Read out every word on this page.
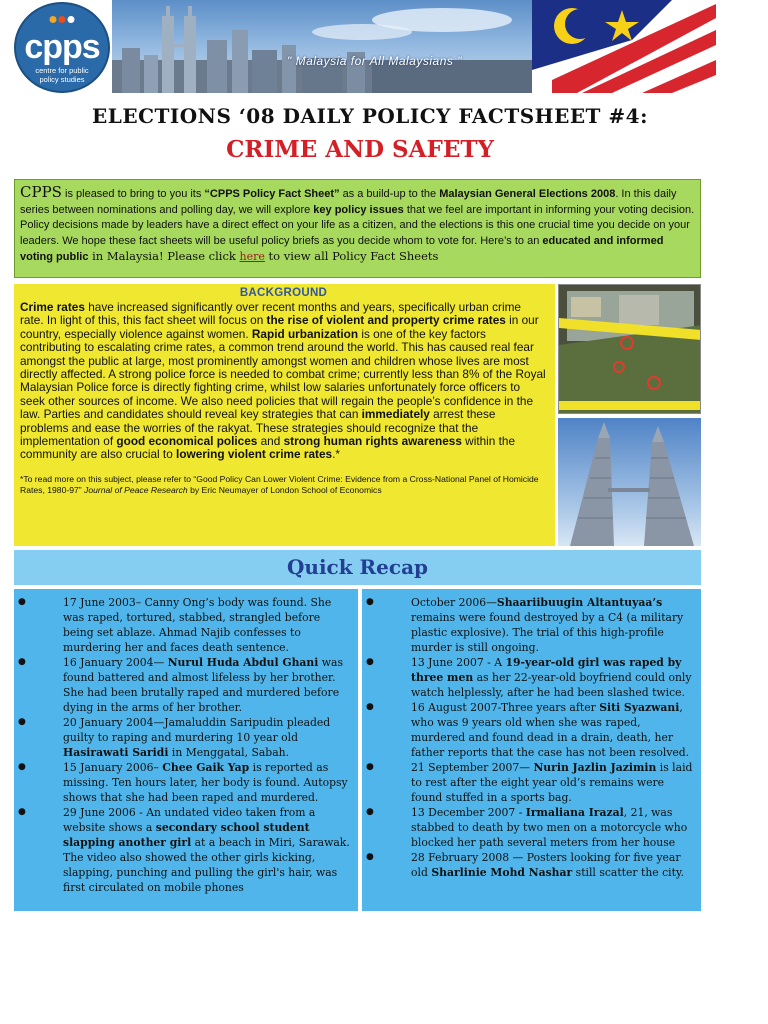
cpps
centre for public
policy studies
" Malaysia for All Malaysians "
ELECTIONS ‘08 DAILY POLICY FACTSHEET #4:
CRIME AND SAFETY
CPPS is pleased to bring to you its “CPPS Policy Fact Sheet” as a build-up to the Malaysian General Elections 2008. In this daily series between nominations and polling day, we will explore key policy issues that we feel are important in informing your voting decision. Policy decisions made by leaders have a direct effect on your life as a citizen, and the elections is this one crucial time you decide on your leaders. We hope these fact sheets will be useful policy briefs as you decide whom to vote for. Here’s to an educated and informed voting public in Malaysia! Please click here to view all Policy Fact Sheets
BACKGROUND
Crime rates have increased significantly over recent months and years, specifically urban crime rate. In light of this, this fact sheet will focus on the rise of violent and property crime rates in our country, especially violence against women. Rapid urbanization is one of the key factors contributing to escalating crime rates, a common trend around the world. This has caused real fear amongst the public at large, most prominently amongst women and children whose lives are most directly affected. A strong police force is needed to combat crime; currently less than 8% of the Royal Malaysian Police force is directly fighting crime, whilst low salaries unfortunately force officers to seek other sources of income. We also need policies that will regain the people’s confidence in the law. Parties and candidates should reveal key strategies that can immediately arrest these problems and ease the worries of the rakyat. These strategies should recognize that the implementation of good economical polices and strong human rights awareness within the community are also crucial to lowering violent crime rates.*
*To read more on this subject, please refer to “Good Policy Can Lower Violent Crime: Evidence from a Cross-National Panel of Homicide Rates, 1980-97” Journal of Peace Research by Eric Neumayer of London School of Economics
Quick Recap
●	17 June 2003– Canny Ong’s body was found. She was raped, tortured, stabbed, strangled before being set ablaze. Ahmad Najib confesses to murdering her and faces death sentence.
●	16 January 2004— Nurul Huda Abdul Ghani was found battered and almost lifeless by her brother. She had been brutally raped and murdered before dying in the arms of her brother.
●	20 January 2004—Jamaluddin Saripudin pleaded guilty to raping and murdering 10 year old Hasirawati Saridi in Menggatal, Sabah.
●	15 January 2006– Chee Gaik Yap is reported as missing. Ten hours later, her body is found. Autopsy shows that she had been raped and murdered.
●	29 June 2006 - An undated video taken from a website shows a secondary school student slapping another girl at a beach in Miri, Sarawak. The video also showed the other girls kicking, slapping, punching and pulling the girl's hair, was first circulated on mobile phones
●	October 2006—Shaariibuugin Altantuyaa’s remains were found destroyed by a C4 (a military plastic explosive). The trial of this high-profile murder is still ongoing.
●	13 June 2007 - A 19-year-old girl was raped by three men as her 22-year-old boyfriend could only watch helplessly, after he had been slashed twice.
●	16 August 2007-Three years after Siti Syazwani, who was 9 years old when she was raped, murdered and found dead in a drain, death, her father reports that the case has not been resolved.
●	21 September 2007— Nurin Jazlin Jazimin is laid to rest after the eight year old’s remains were found stuffed in a sports bag.
●	13 December 2007 - Irmaliana Irazal, 21, was stabbed to death by two men on a motorcycle who blocked her path several meters from her house
●	28 February 2008 — Posters looking for five year old Sharlinie Mohd Nashar still scatter the city.
